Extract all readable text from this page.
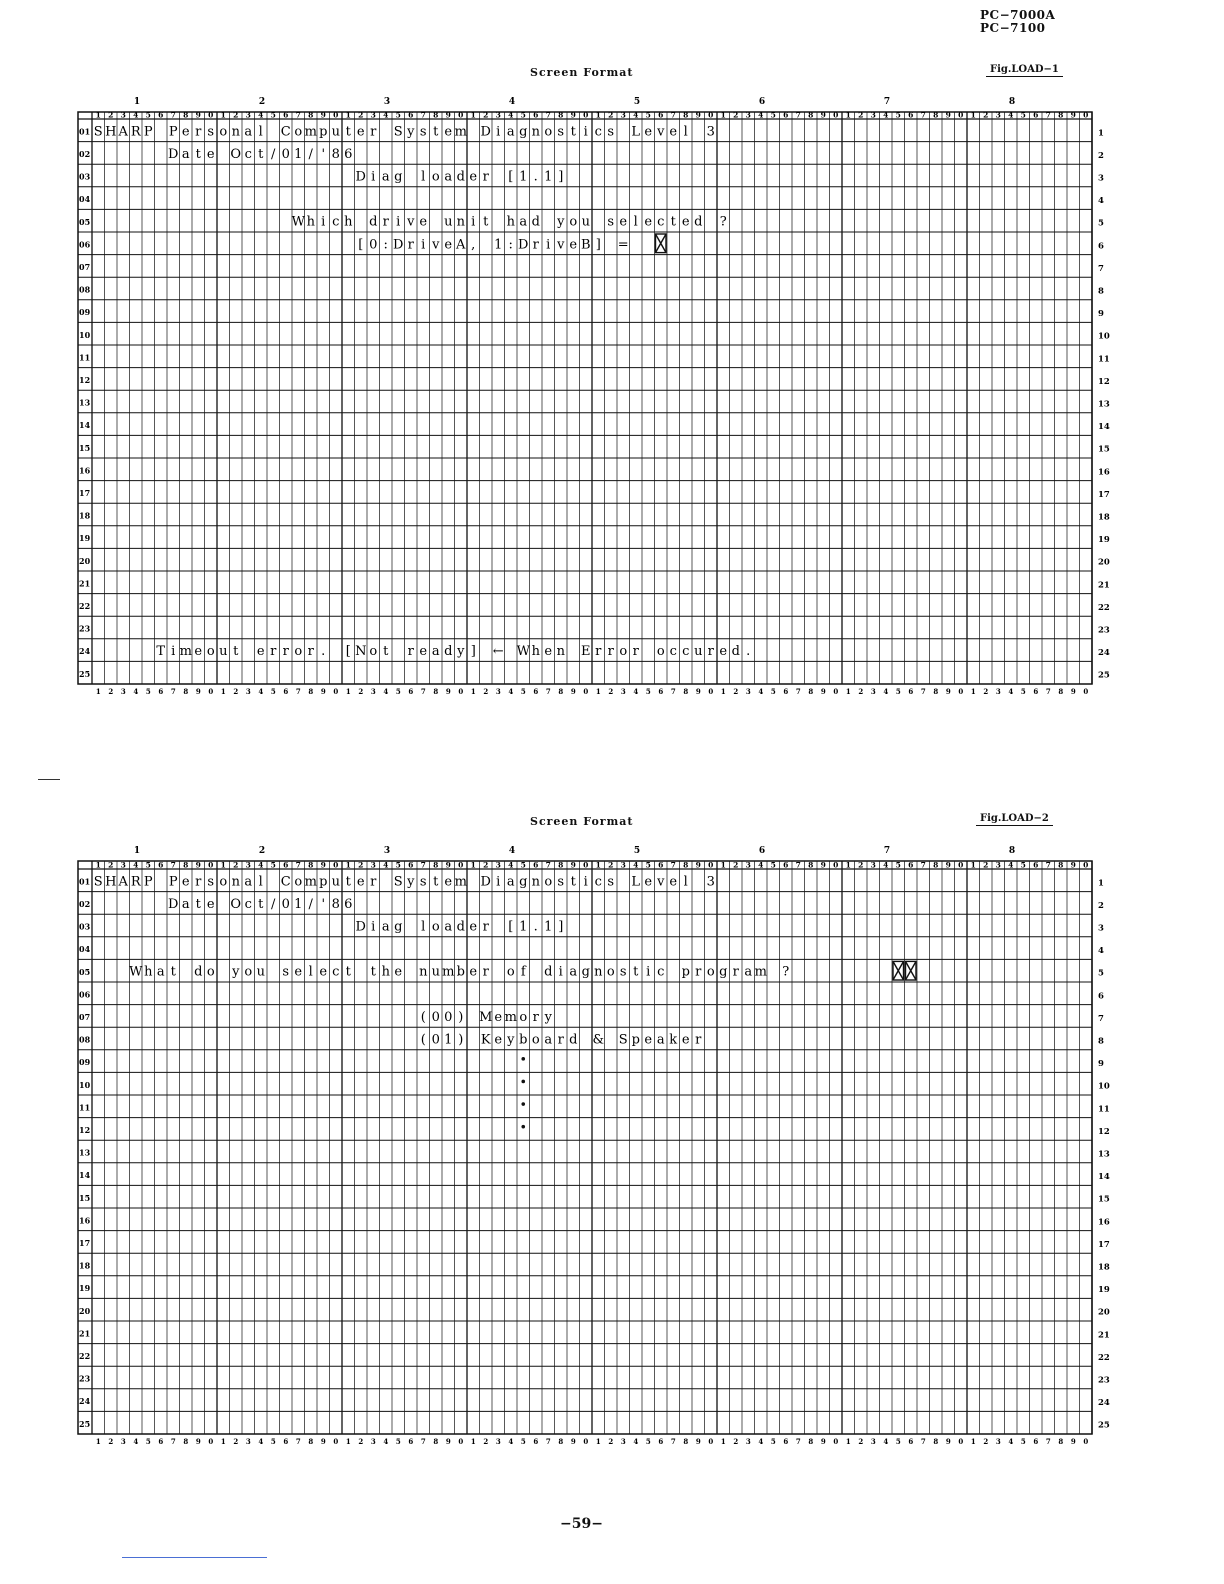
PC−7000A
PC−7100
Screen Format	Fig.LOAD−1
1	2	3	4	5	6	7	8
1
1
2
2
3
3
4
4
5
5
6
6
7
7
8
8
9
9
0
0
1
1
2
2
3
3
4
4
5
5
6
6
7
7
8
8
9
9
0
0
1
1
2
2
3
3
4
4
5
5
6
6
7
7
8
8
9
9
0
0
1
1
2
2
3
3
4
4
5
5
6
6
7
7
8
8
9
9
0
0
1
1
2
2
3
3
4
4
5
5
6
6
7
7
8
8
9
9
0
0
1
1
2
2
3
3
4
4
5
5
6
6
7
7
8
8
9
9
0
0
1
1
2
2
3
3
4
4
5
5
6
6
7
7
8
8
9
9
0
0
1
1
2
2
3
3
4
4
5
5
6
6
7
7
8
8
9
9
0
0
01
02
03
04
05
06
07
08
09
10
11
12
13
14
15
16
17
18
19
20
21
22
23
24
25
1
2
3
4
5
6
7
8
9
10
11
12
13
14
15
16
17
18
19
20
21
22
23
24
25
S H A R P P e r s o n a l C o m p u t e r S y s t e m D i a g n o s t i c s L e v e l 3
D a t e O c t / 0 1 / ' 8 6
D i a g l o a d e r [ 1 . 1 ]
W h i c h d r i v e u n i t h a d y o u s e l e c t e d ?
[ 0 : D r i v e A , 1 : D r i v e B ] =
T i m e o u t e r r o r . [ N o t r e a d y ] ← W h e n E r r o r o c c u r e d .
Screen Format	Fig.LOAD−2
1	2	3	4	5	6	7	8
1
1
2
2
3
3
4
4
5
5
6
6
7
7
8
8
9
9
0
0
1
1
2
2
3
3
4
4
5
5
6
6
7
7
8
8
9
9
0
0
1
1
2
2
3
3
4
4
5
5
6
6
7
7
8
8
9
9
0
0
1
1
2
2
3
3
4
4
5
5
6
6
7
7
8
8
9
9
0
0
1
1
2
2
3
3
4
4
5
5
6
6
7
7
8
8
9
9
0
0
1
1
2
2
3
3
4
4
5
5
6
6
7
7
8
8
9
9
0
0
1
1
2
2
3
3
4
4
5
5
6
6
7
7
8
8
9
9
0
0
1
1
2
2
3
3
4
4
5
5
6
6
7
7
8
8
9
9
0
0
01
02
03
04
05
06
07
08
09
10
11
12
13
14
15
16
17
18
19
20
21
22
23
24
25
1
2
3
4
5
6
7
8
9
10
11
12
13
14
15
16
17
18
19
20
21
22
23
24
25
S H A R P P e r s o n a l C o m p u t e r S y s t e m D i a g n o s t i c s L e v e l 3
D a t e O c t / 0 1 / ' 8 6
D i a g l o a d e r [ 1 . 1 ]
W h a t d o y o u s e l e c t t h e n u m b e r o f d i a g n o s t i c p r o g r a m ?
( 0 0 ) M e m o r y
( 0 1 ) K e y b o a r d & S p e a k e r
−59−
